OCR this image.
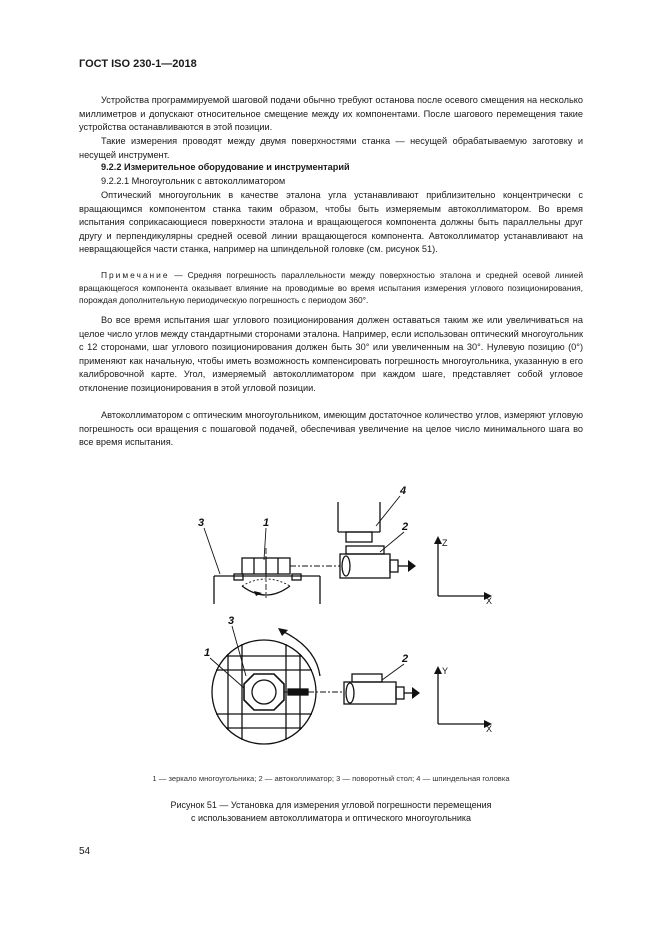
ГОСТ ISO 230-1—2018

Устройства программируемой шаговой подачи обычно требуют останова после осевого смещения на несколько миллиметров и допускают относительное смещение между их компонентами. После шагового перемещения такие устройства останавливаются в этой позиции.

Такие измерения проводят между двумя поверхностями станка — несущей обрабатываемую заготовку и несущей инструмент.

9.2.2 Измерительное оборудование и инструментарий

9.2.2.1 Многоугольник с автоколлиматором

Оптический многоугольник в качестве эталона угла устанавливают приблизительно концентрически с вращающимся компонентом станка таким образом, чтобы быть измеряемым автоколлиматором. Во время испытания соприкасающиеся поверхности эталона и вращающегося компонента должны быть параллельны друг другу и перпендикулярны средней осевой линии вращающегося компонента. Автоколлиматор устанавливают на невращающейся части станка, например на шпиндельной головке (см. рисунок 51).

Примечание — Средняя погрешность параллельности между поверхностью эталона и средней осевой линией вращающегося компонента оказывает влияние на проводимые во время испытания измерения углового позиционирования, порождая дополнительную периодическую погрешность с периодом 360°.

Во все время испытания шаг углового позиционирования должен оставаться таким же или увеличиваться на целое число углов между стандартными сторонами эталона. Например, если использован оптический многоугольник с 12 сторонами, шаг углового позиционирования должен быть 30° или увеличенным на 30°. Нулевую позицию (0°) применяют как начальную, чтобы иметь возможность компенсировать погрешность многоугольника, указанную в его калибровочной карте. Угол, измеряемый автоколлиматором при каждом шаге, представляет собой угловое отклонение позиционирования в этой угловой позиции.

Автоколлиматором с оптическим многоугольником, имеющим достаточное количество углов, измеряют угловую погрешность оси вращения с пошаговой подачей, обеспечивая увеличение на целое число минимального шага во все время испытания.

1
3
4
2
3
1	2
Z
X
Y
X
1 — зеркало многоугольника; 2 — автоколлиматор; 3 — поворотный стол; 4 — шпиндельная головка
Рисунок 51 — Установка для измерения угловой погрешности перемещения
с использованием автоколлиматора и оптического многоугольника
54
